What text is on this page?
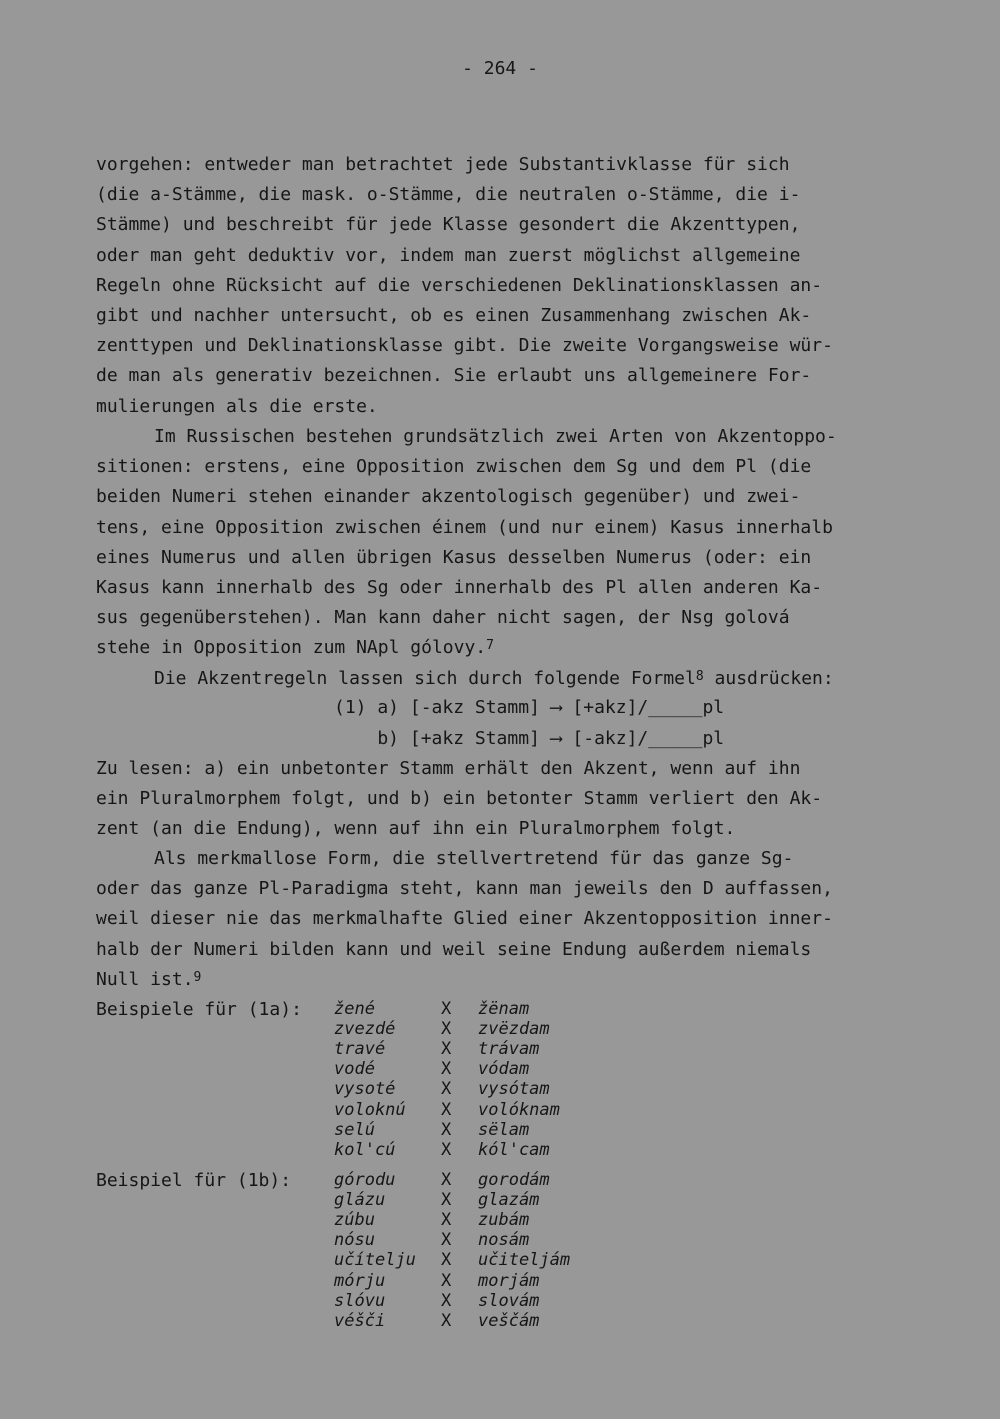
- 264 -
vorgehen: entweder man betrachtet jede Substantivklasse für sich
(die a-Stämme, die mask. o-Stämme, die neutralen o-Stämme, die i-
Stämme) und beschreibt für jede Klasse gesondert die Akzenttypen,
oder man geht deduktiv vor, indem man zuerst möglichst allgemeine
Regeln ohne Rücksicht auf die verschiedenen Deklinationsklassen an-
gibt und nachher untersucht, ob es einen Zusammenhang zwischen Ak-
zenttypen und Deklinationsklasse gibt. Die zweite Vorgangsweise wür-
de man als generativ bezeichnen. Sie erlaubt uns allgemeinere For-
mulierungen als die erste.
Im Russischen bestehen grundsätzlich zwei Arten von Akzentoppo-
sitionen: erstens, eine Opposition zwischen dem Sg und dem Pl (die
beiden Numeri stehen einander akzentologisch gegenüber) und zwei-
tens, eine Opposition zwischen éinem (und nur einem) Kasus innerhalb
eines Numerus und allen übrigen Kasus desselben Numerus (oder: ein
Kasus kann innerhalb des Sg oder innerhalb des Pl allen anderen Ka-
sus gegenüberstehen). Man kann daher nicht sagen, der Nsg golová
stehe in Opposition zum NApl gólovy.$^7$
Die Akzentregeln lassen sich durch folgende Formel$^8$ ausdrücken:
(1) a) [-akz Stamm] ⟶ [+akz]/_____pl
b) [+akz Stamm] ⟶ [-akz]/_____pl
Zu lesen: a) ein unbetonter Stamm erhält den Akzent, wenn auf ihn
ein Pluralmorphem folgt, und b) ein betonter Stamm verliert den Ak-
zent (an die Endung), wenn auf ihn ein Pluralmorphem folgt.
Als merkmallose Form, die stellvertretend für das ganze Sg-
oder das ganze Pl-Paradigma steht, kann man jeweils den D auffassen,
weil dieser nie das merkmalhafte Glied einer Akzentopposition inner-
halb der Numeri bilden kann und weil seine Endung außerdem niemals
Null ist.$^9$
Beispiele für (1a): žené	X žënam
zvezdé	X zvëzdam
travé	X trávam
vodé	X vódam
vysoté	X vysótam
voloknú X volóknam
selú	X sëlam
kol'cú	X kól'cam
Beispiel für (1b):	górodu	X gorodám
glázu	X glazám
zúbu	X zubám
nósu	X nosám
učítelju X učiteljám
mórju	X morjám
slóvu	X slovám
véšči	X veščám
